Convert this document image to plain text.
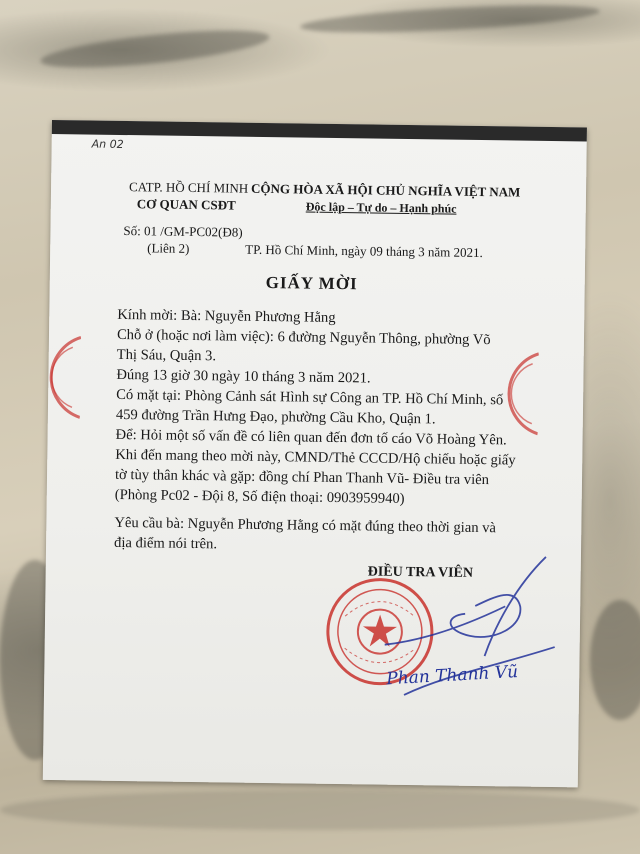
An 02
CATP. HỒ CHÍ MINH
CƠ QUAN CSĐT
CỘNG HÒA XÃ HỘI CHỦ NGHĨA VIỆT NAM
Độc lập – Tự do – Hạnh phúc
Số: 01 /GM-PC02(Đ8)
(Liên 2)	TP. Hồ Chí Minh, ngày 09 tháng 3 năm 2021.
GIẤY MỜI
Kính mời: Bà: Nguyễn Phương Hằng
Chỗ ở (hoặc nơi làm việc): 6 đường Nguyễn Thông, phường Võ
Thị Sáu, Quận 3.
Đúng 13 giờ 30 ngày 10 tháng 3 năm 2021.
Có mặt tại: Phòng Cảnh sát Hình sự Công an TP. Hồ Chí Minh, số
459 đường Trần Hưng Đạo, phường Cầu Kho, Quận 1.
Để: Hỏi một số vấn đề có liên quan đến đơn tố cáo Võ Hoàng Yên.
Khi đến mang theo mời này, CMND/Thẻ CCCD/Hộ chiếu hoặc giấy
tờ tùy thân khác và gặp: đồng chí Phan Thanh Vũ- Điều tra viên
(Phòng Pc02 - Đội 8, Số điện thoại: 0903959940)
Yêu cầu bà: Nguyễn Phương Hằng có mặt đúng theo thời gian và
địa điểm nói trên.
ĐIỀU TRA VIÊN
Phan Thanh Vũ
